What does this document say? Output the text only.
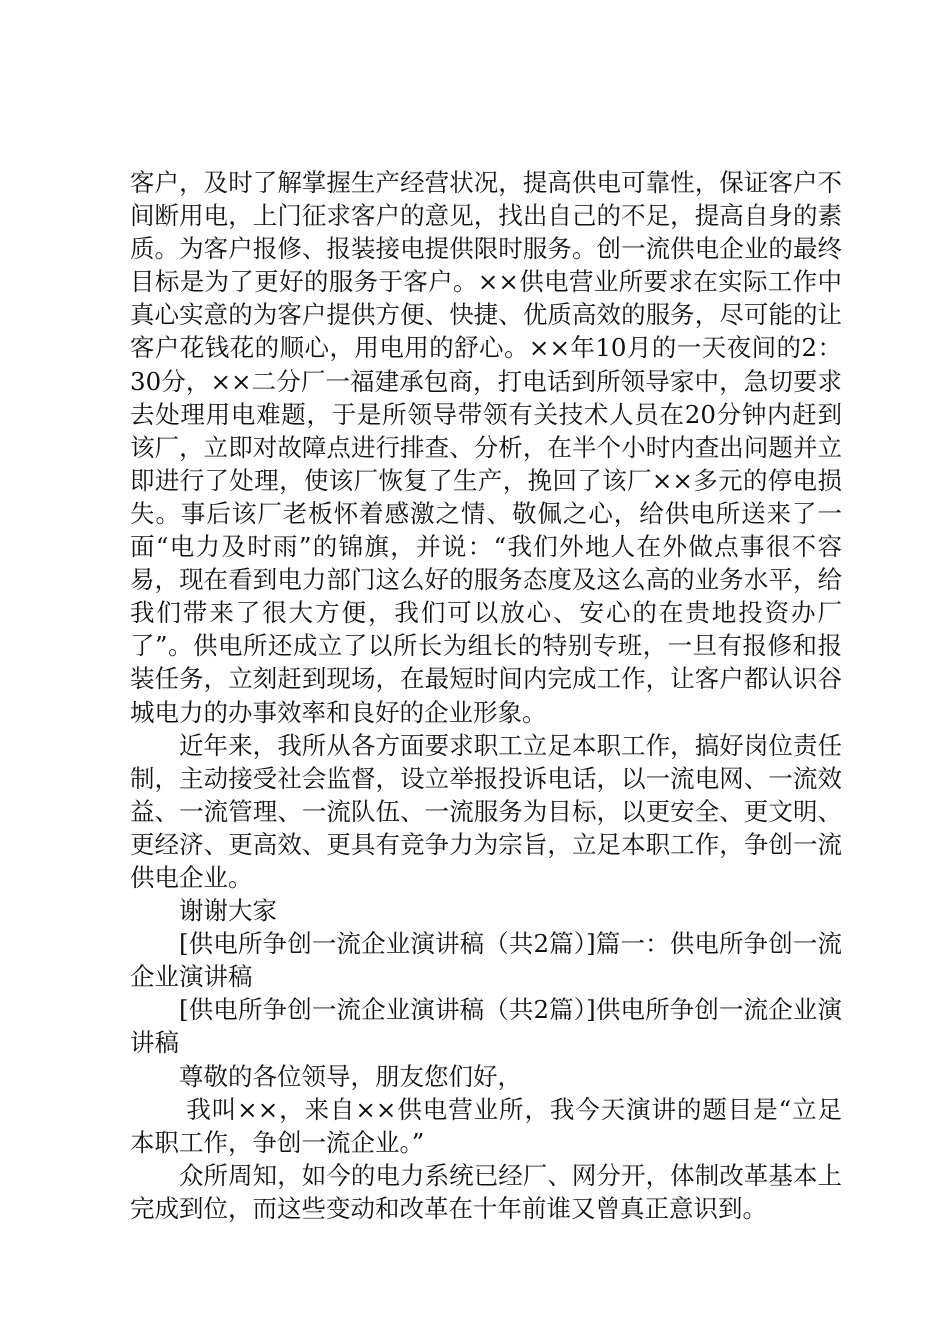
客户，及时了解掌握生产经营状况，提高供电可靠性，保证客户不间断用电，上门征求客户的意见，找出自己的不足，提高自身的素质。为客户报修、报装接电提供限时服务。创一流供电企业的最终目标是为了更好的服务于客户。××供电营业所要求在实际工作中真心实意的为客户提供方便、快捷、优质高效的服务，尽可能的让客户花钱花的顺心，用电用的舒心。××年10月的一天夜间的2：30分，××二分厂一福建承包商，打电话到所领导家中，急切要求去处理用电难题，于是所领导带领有关技术人员在20分钟内赶到该厂，立即对故障点进行排查、分析，在半个小时内查出问题并立即进行了处理，使该厂恢复了生产，挽回了该厂××多元的停电损失。事后该厂老板怀着感激之情、敬佩之心，给供电所送来了一面“电力及时雨”的锦旗，并说：“我们外地人在外做点事很不容易，现在看到电力部门这么好的服务态度及这么高的业务水平，给我们带来了很大方便，我们可以放心、安心的在贵地投资办厂了”。供电所还成立了以所长为组长的特别专班，一旦有报修和报装任务，立刻赶到现场，在最短时间内完成工作，让客户都认识谷城电力的办事效率和良好的企业形象。

近年来，我所从各方面要求职工立足本职工作，搞好岗位责任制，主动接受社会监督，设立举报投诉电话，以一流电网、一流效益、一流管理、一流队伍、一流服务为目标，以更安全、更文明、更经济、更高效、更具有竞争力为宗旨，立足本职工作，争创一流供电企业。

谢谢大家

[供电所争创一流企业演讲稿（共2篇）]篇一：供电所争创一流企业演讲稿

[供电所争创一流企业演讲稿（共2篇）]供电所争创一流企业演讲稿

尊敬的各位领导，朋友您们好，

我叫××，来自××供电营业所，我今天演讲的题目是“立足本职工作，争创一流企业。”

众所周知，如今的电力系统已经厂、网分开，体制改革基本上完成到位，而这些变动和改革在十年前谁又曾真正意识到。
